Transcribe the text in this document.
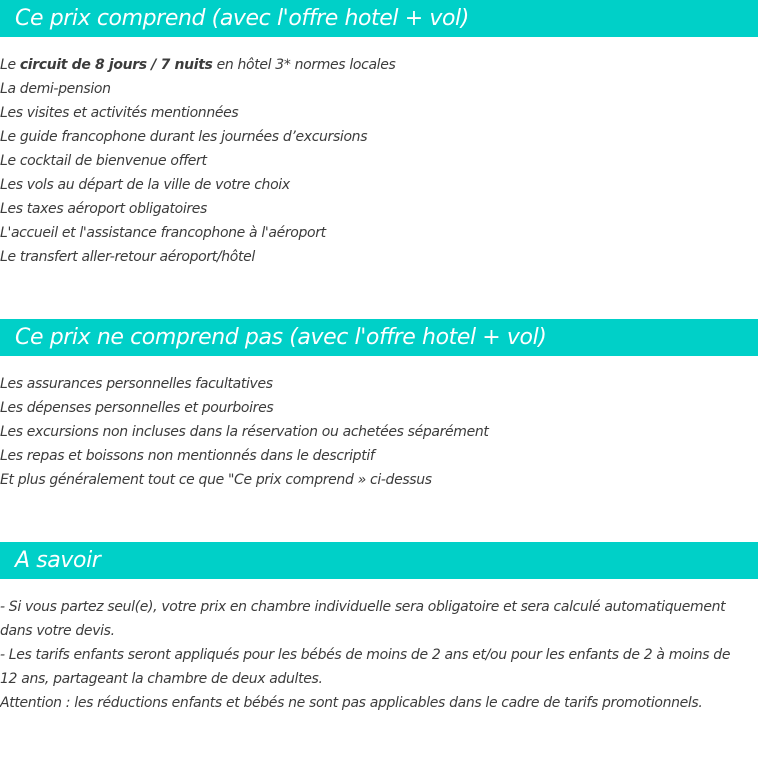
Ce prix comprend (avec l'offre hotel + vol)
Le circuit de 8 jours / 7 nuits en hôtel 3* normes locales
La demi-pension
Les visites et activités mentionnées
Le guide francophone durant les journées d’excursions
Le cocktail de bienvenue offert
Les vols au départ de la ville de votre choix
Les taxes aéroport obligatoires
L'accueil et l'assistance francophone à l'aéroport
Le transfert aller-retour aéroport/hôtel
Ce prix ne comprend pas (avec l'offre hotel + vol)
Les assurances personnelles facultatives
Les dépenses personnelles et pourboires
Les excursions non incluses dans la réservation ou achetées séparément
Les repas et boissons non mentionnés dans le descriptif
Et plus généralement tout ce que "Ce prix comprend » ci-dessus
A savoir

- Si vous partez seul(e), votre prix en chambre individuelle sera obligatoire et sera calculé automatiquement dans votre devis.

- Les tarifs enfants seront appliqués pour les bébés de moins de 2 ans et/ou pour les enfants de 2 à moins de 12 ans, partageant la chambre de deux adultes.

Attention : les réductions enfants et bébés ne sont pas applicables dans le cadre de tarifs promotionnels.
